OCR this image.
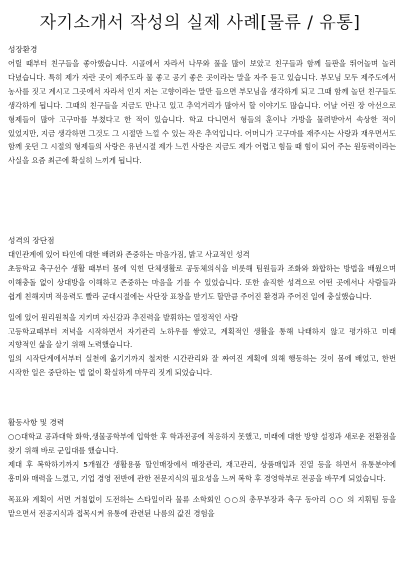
자기소개서 작성의 실제 사례[물류 / 유통]

성장환경

어릴 때부터 친구들을 좋아했습니다. 시골에서 자라서 나무와 풀을 많이 보았고 친구들과 함께 들판을 뛰어놀며 놀러 다녔습니다. 특히 제가 자란 곳이 제주도라 물 좋고 공기 좋은 곳이라는 말을 자주 듣고 있습니다. 부모님 모두 제주도에서 농사를 짓고 계시고 그곳에서 자라서 인지 저는 고향이라는 말만 들으면 부모님을 생각하게 되고 그때 함께 놀던 친구들도 생각하게 됩니다. 그때의 친구들을 지금도 만나고 있고 추억거리가 많아서 할 이야기도 많습니다. 어날 어린 장 아선으로 형제들이 많아 고구마를 부쳤다고 한 적이 있습니다. 학교 다니면서 형들의 훈이나 가방을 물려받아서 속상한 적이 있었지만, 지금 생각하면 그것도 그 시절만 느낄 수 있는 작은 추억입니다. 어머니가 고구마를 재주시는 사랑과 재우면서도 함께 웃던 그 시절의 형제들의 사랑은 유년시절 제가 느낀 사랑은 지금도 제가 어렵고 힘들 때 힘이 되어 주는 원동력이라는 사실을 요즘 최근에 확실히 느끼게 됩니다.

성격의 장단점

대인관계에 있어 타인에 대한 배려와 존중하는 마음가짐, 밝고 사교적인 성격

초등학교 축구선수 생활 때부터 몸에 익힌 단체생활로 공동체의식을 비롯해 팀원들과 조화와 화합하는 방법을 배웠으며 이해충돌 없이 상대방을 이해하고 존중하는 마음을 기를 수 있었습니다. 또한 솔직한 성격으로 어떤 곳에서나 사람들과 쉽게 친해지며 적응력도 빨라 군대시절에는 사단장 표창을 받기도 할만큼 주어진 환경과 주어진 일에 충실했습니다.

일에 있어 원리원칙을 지키며 자신감과 추진력을 발휘하는 열정적인 사람

고등학교때부터 저녁을 시작하면서 자기관리 노하우를 쌓았고, 계획적인 생활을 통해 나태하지 않고 평가하고 미래 지향적인 삶을 살기 위해 노력했습니다.

일의 시작단계에서부터 실천에 옮기기까지 철저한 시간관리와 잘 짜여진 계획에 의해 행동하는 것이 몸에 배었고, 한번 시작한 일은 중단하는 법 없이 확실하게 마무리 짓게 되었습니다.

활동사항 및 경력

○○대학교 공과대학 화학,생물공학부에 입학한 후 학과전공에 적응하지 못했고, 미래에 대한 방향 설정과 새로운 전환점을 찾기 위해 바로 군입대를 했습니다.

제대 후 복학하기까지 5개월간 생활용품 할인매장에서 매장관리, 재고관리, 상품매입과 진열 등을 하면서 유통분야에 흥미와 매력을 느꼈고, 기업 경영 전반에 관한 전문지식의 필요성을 느껴 복학 후 경영학부로 전공을 바꾸게 되었습니다.

목표와 계획이 서면 거침없이 도전하는 스타일이라 물류 소학회인 ○○의 총무부장과 축구 동아리 ○○ 의 지휘팀 등을 맡으면서 전공지식과 접목시켜 유통에 관련된 나름의 값진 경험을
